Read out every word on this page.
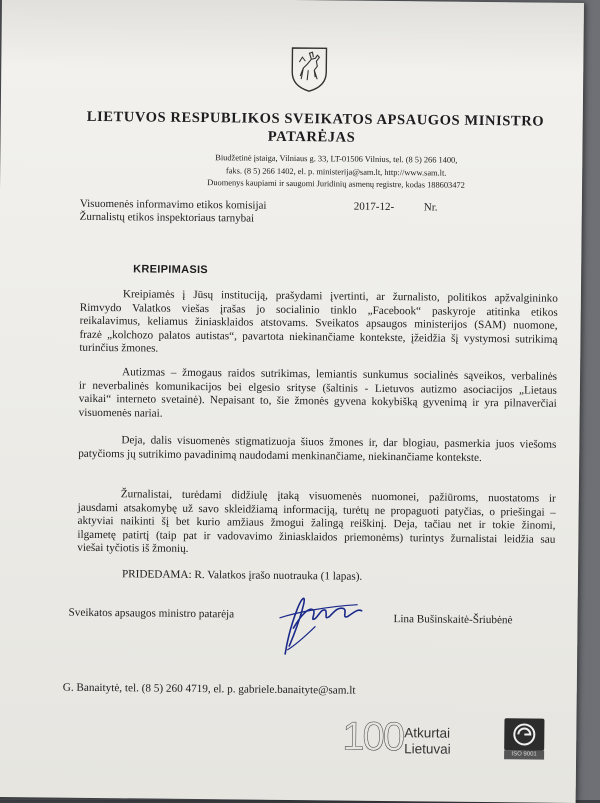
LIETUVOS RESPUBLIKOS SVEIKATOS APSAUGOS MINISTRO
PATARĖJAS
Biudžetinė įstaiga, Vilniaus g. 33, LT-01506 Vilnius, tel. (8 5) 266 1400,
faks. (8 5) 266 1402, el. p. ministerija@sam.lt, http://www.sam.lt.
Duomenys kaupiami ir saugomi Juridinių asmenų registre, kodas 188603472
Visuomenės informavimo etikos komisijai
Žurnalistų etikos inspektoriaus tarnybai
2017-12-	Nr.
KREIPIMASIS
Kreipiamės į Jūsų instituciją, prašydami įvertinti, ar žurnalisto, politikos apžvalgininko
Rimvydo Valatkos viešas įrašas jo socialinio tinklo „Facebook“ paskyroje atitinka etikos
reikalavimus, keliamus žiniasklaidos atstovams. Sveikatos apsaugos ministerijos (SAM) nuomone,
frazė „kolchozo palatos autistas“, pavartota niekinančiame kontekste, įžeidžia šį vystymosi sutrikimą
turinčius žmones.
Autizmas – žmogaus raidos sutrikimas, lemiantis sunkumus socialinės sąveikos, verbalinės
ir neverbalinės komunikacijos bei elgesio srityse (šaltinis - Lietuvos autizmo asociacijos „Lietaus
vaikai“ interneto svetainė). Nepaisant to, šie žmonės gyvena kokybišką gyvenimą ir yra pilnaverčiai
visuomenės nariai.
Deja, dalis visuomenės stigmatizuoja šiuos žmones ir, dar blogiau, pasmerkia juos viešoms
patyčioms jų sutrikimo pavadinimą naudodami menkinančiame, niekinančiame kontekste.
Žurnalistai, turėdami didžiulę įtaką visuomenės nuomonei, pažiūroms, nuostatoms ir
jausdami atsakomybę už savo skleidžiamą informaciją, turėtų ne propaguoti patyčias, o priešingai –
aktyviai naikinti šį bet kurio amžiaus žmogui žalingą reiškinį. Deja, tačiau net ir tokie žinomi,
ilgametę patirtį (taip pat ir vadovavimo žiniasklaidos priemonėms) turintys žurnalistai leidžia sau
viešai tyčiotis iš žmonių.
PRIDEDAMA: R. Valatkos įrašo nuotrauka (1 lapas).
Sveikatos apsaugos ministro patarėja	Lina Bušinskaitė-Šriubėnė
G. Banaitytė, tel. (8 5) 260 4719, el. p. gabriele.banaityte@sam.lt
100 Atkurtai
Lietuvai	ISO 9001
